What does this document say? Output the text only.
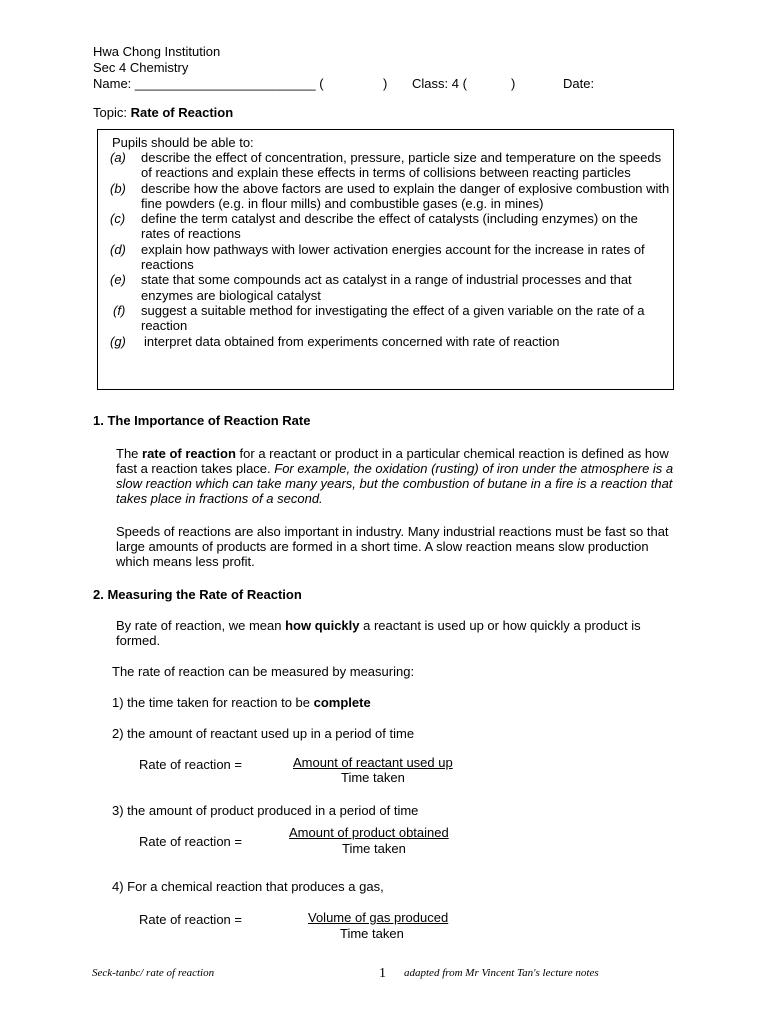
Hwa Chong Institution
Sec 4 Chemistry
Name: _________________________ (	) Class: 4 (	)	Date:
Topic: Rate of Reaction
Pupils should be able to:
(a)	describe the effect of concentration, pressure, particle size and temperature on the speeds of reactions and explain these effects in terms of collisions between reacting particles
(b)	describe how the above factors are used to explain the danger of explosive combustion with fine powders (e.g. in flour mills) and combustible gases (e.g. in mines)
(c)	define the term catalyst and describe the effect of catalysts (including enzymes) on the rates of reactions
(d)	explain how pathways with lower activation energies account for the increase in rates of reactions
(e)	state that some compounds act as catalyst in a range of industrial processes and that enzymes are biological catalyst
(f)	suggest a suitable method for investigating the effect of a given variable on the rate of a reaction
(g)	interpret data obtained from experiments concerned with rate of reaction
1. The Importance of Reaction Rate
The rate of reaction for a reactant or product in a particular chemical reaction is defined as how fast a reaction takes place. For example, the oxidation (rusting) of iron under the atmosphere is a slow reaction which can take many years, but the combustion of butane in a fire is a reaction that takes place in fractions of a second.
Speeds of reactions are also important in industry. Many industrial reactions must be fast so that large amounts of products are formed in a short time. A slow reaction means slow production which means less profit.
2. Measuring the Rate of Reaction
By rate of reaction, we mean how quickly a reactant is used up or how quickly a product is formed.
The rate of reaction can be measured by measuring:
1) the time taken for reaction to be complete
2) the amount of reactant used up in a period of time
Rate of reaction =	Amount of reactant used up
Time taken
3) the amount of product produced in a period of time
Rate of reaction =
Amount of product obtained
Time taken
4) For a chemical reaction that produces a gas,
Rate of reaction =	Volume of gas produced
Time taken
Seck-tanbc/ rate of reaction	1 adapted from Mr Vincent Tan's lecture notes
